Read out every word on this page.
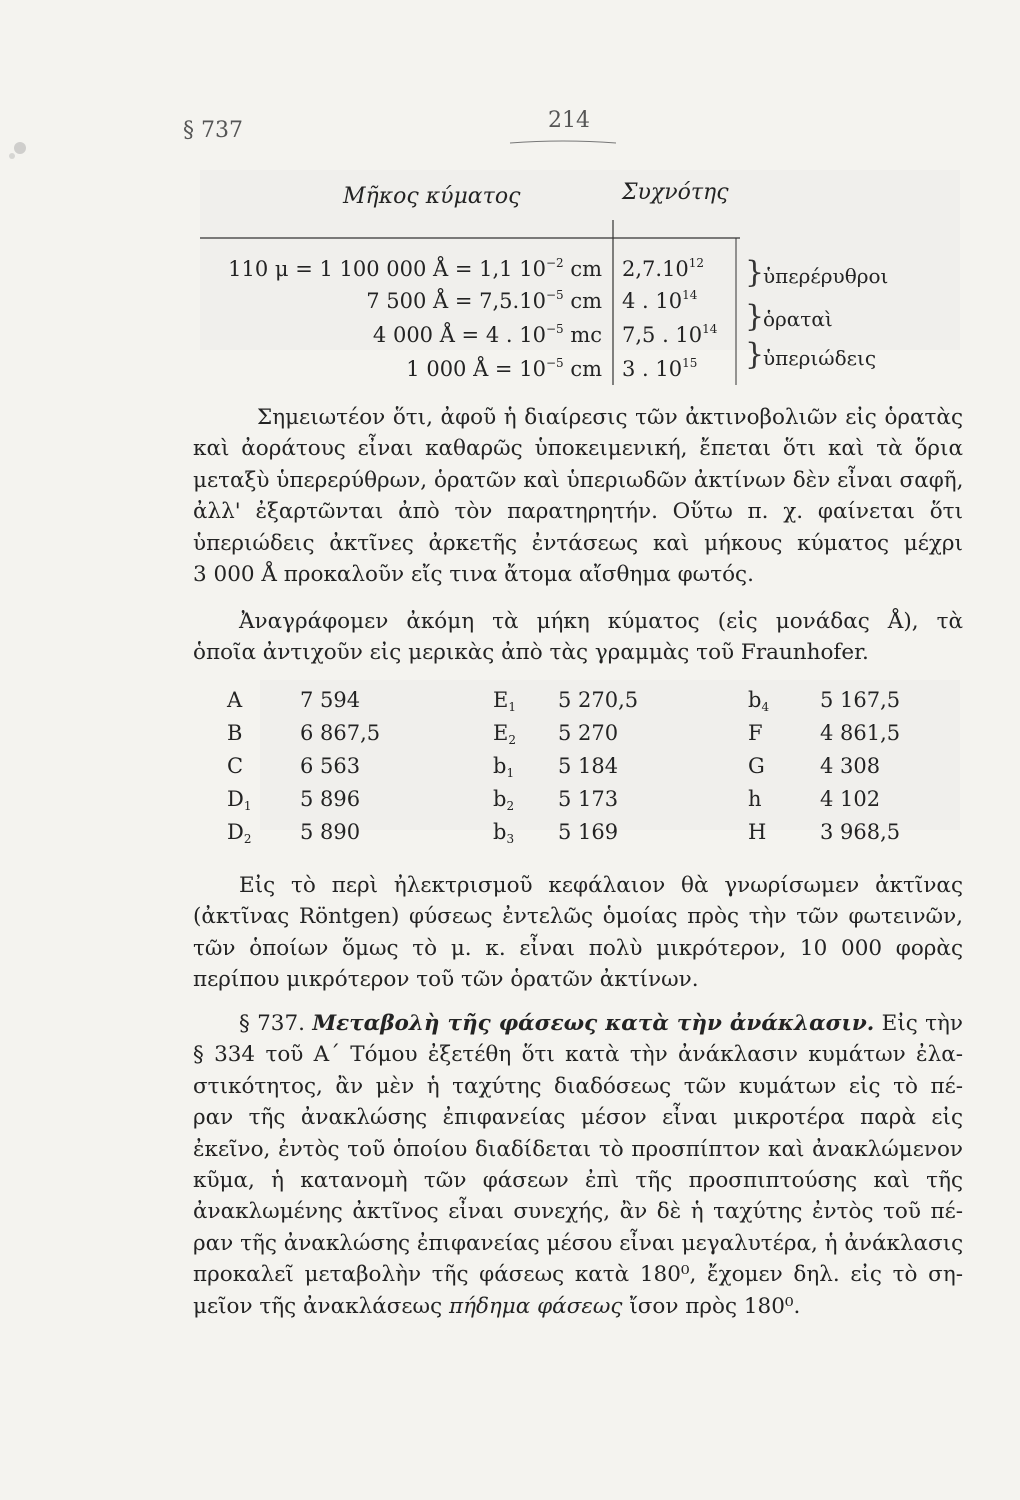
§ 737	214
Μῆκος κύματος	Συχνότης
110 μ = 1 100 000 Å = 1,1 $10^{-2}$ cm 2,7.10$^{12}$
7 500 Å = $7,5.10^{-5}$ cm 4 . $10^{14}$
4 000 Å = 4 . $10^{-5}$ mc 7,5 . $10^{14}$
1 000 Å = $10^{-5}$ cm 3 . $10^{15}$
}
}
}
ὑπερέρυθροι
ὁραταὶ
ὑπεριώδεις
Σημειωτέον ὅτι, ἀφοῦ ἡ διαίρεσις τῶν ἀκτινοβολιῶν εἰς ὁρατὰς
καὶ ἀοράτους εἶναι καθαρῶς ὑποκειμενική, ἔπεται ὅτι καὶ τὰ ὅρια
μεταξὺ ὑπερερύθρων, ὁρατῶν καὶ ὑπεριωδῶν ἀκτίνων δὲν εἶναι σαφῆ,
ἀλλ' ἐξαρτῶνται ἀπὸ τὸν παρατηρητήν. Οὕτω π. χ. φαίνεται ὅτι
ὑπεριώδεις ἀκτῖνες ἀρκετῆς ἐντάσεως καὶ μήκους κύματος μέχρι
3 000 Å προκαλοῦν εἴς τινα ἄτομα αἴσθημα φωτός.
Ἀναγράφομεν ἀκόμη τὰ μήκη κύματος (εἰς μονάδας Å), τὰ
ὁποῖα ἀντιχοῦν εἰς μερικὰς ἀπὸ τὰς γραμμὰς τοῦ Fraunhofer.
A	7 594	$E_1$ 5 270,5	$b_4$ 5 167,5
B	6 867,5	$E_2$ 5 270	F	4 861,5
C	6 563	$b_1$ 5 184	G	4 308
$D_1$ 5 896	$b_2$ 5 173	h	4 102
$D_2$ 5 890	$b_3$ 5 169	H	3 968,5
Εἰς τὸ περὶ ἠλεκτρισμοῦ κεφάλαιον θὰ γνωρίσωμεν ἀκτῖνας
(ἀκτῖνας Röntgen) φύσεως ἐντελῶς ὁμοίας πρὸς τὴν τῶν φωτεινῶν,
τῶν ὁποίων ὅμως τὸ μ. κ. εἶναι πολὺ μικρότερον, 10 000 φορὰς
περίπου μικρότερον τοῦ τῶν ὁρατῶν ἀκτίνων.
§ 737. Μεταβολὴ τῆς φάσεως κατὰ τὴν ἀνάκλασιν. Εἰς τὴν
§ 334 τοῦ Α΄ Τόμου ἐξετέθη ὅτι κατὰ τὴν ἀνάκλασιν κυμάτων ἐλα-
στικότητος, ἂν μὲν ἡ ταχύτης διαδόσεως τῶν κυμάτων εἰς τὸ πέ-
ραν τῆς ἀνακλώσης ἐπιφανείας μέσον εἶναι μικροτέρα παρὰ εἰς
ἐκεῖνο, ἐντὸς τοῦ ὁποίου διαδίδεται τὸ προσπίπτον καὶ ἀνακλώμενον
κῦμα, ἡ κατανομὴ τῶν φάσεων ἐπὶ τῆς προσπιπτούσης καὶ τῆς
ἀνακλωμένης ἀκτῖνος εἶναι συνεχής, ἂν δὲ ἡ ταχύτης ἐντὸς τοῦ πέ-
ραν τῆς ἀνακλώσης ἐπιφανείας μέσου εἶναι μεγαλυτέρα, ἡ ἀνάκλασις
προκαλεῖ μεταβολὴν τῆς φάσεως κατὰ 180⁰, ἔχομεν δηλ. εἰς τὸ ση-
μεῖον τῆς ἀνακλάσεως πήδημα φάσεως ἴσον πρὸς 180⁰.
